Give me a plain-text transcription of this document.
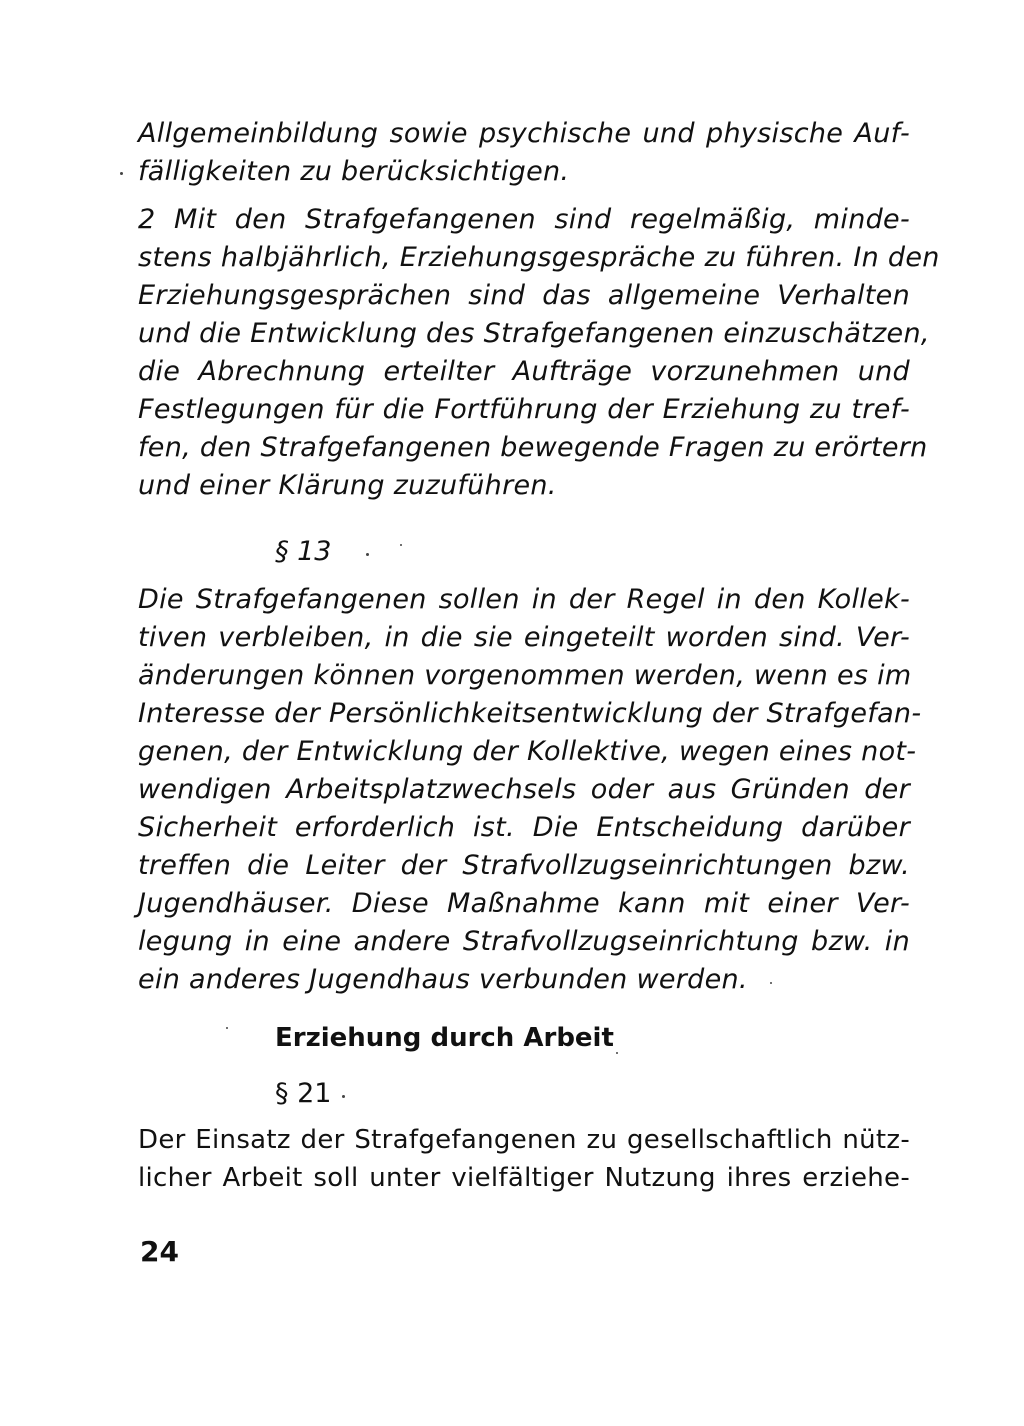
Allgemeinbildung sowie psychische und physische Auf-
fälligkeiten zu berücksichtigen.
2 Mit den Strafgefangenen sind regelmäßig, minde-
stens halbjährlich, Erziehungsgespräche zu führen. In den
Erziehungsgesprächen sind das allgemeine Verhalten
und die Entwicklung des Strafgefangenen einzuschätzen,
die Abrechnung erteilter Aufträge vorzunehmen und
Festlegungen für die Fortführung der Erziehung zu tref-
fen, den Strafgefangenen bewegende Fragen zu erörtern
und einer Klärung zuzuführen.
§ 13
Die Strafgefangenen sollen in der Regel in den Kollek-
tiven verbleiben, in die sie eingeteilt worden sind. Ver-
änderungen können vorgenommen werden, wenn es im
Interesse der Persönlichkeitsentwicklung der Strafgefan-
genen, der Entwicklung der Kollektive, wegen eines not-
wendigen Arbeitsplatzwechsels oder aus Gründen der
Sicherheit erforderlich ist. Die Entscheidung darüber
treffen die Leiter der Strafvollzugseinrichtungen bzw.
Jugendhäuser. Diese Maßnahme kann mit einer Ver-
legung in eine andere Strafvollzugseinrichtung bzw. in
ein anderes Jugendhaus verbunden werden.
Erziehung durch Arbeit
§ 21
Der Einsatz der Strafgefangenen zu gesellschaftlich nütz-
licher Arbeit soll unter vielfältiger Nutzung ihres erziehe-
24
